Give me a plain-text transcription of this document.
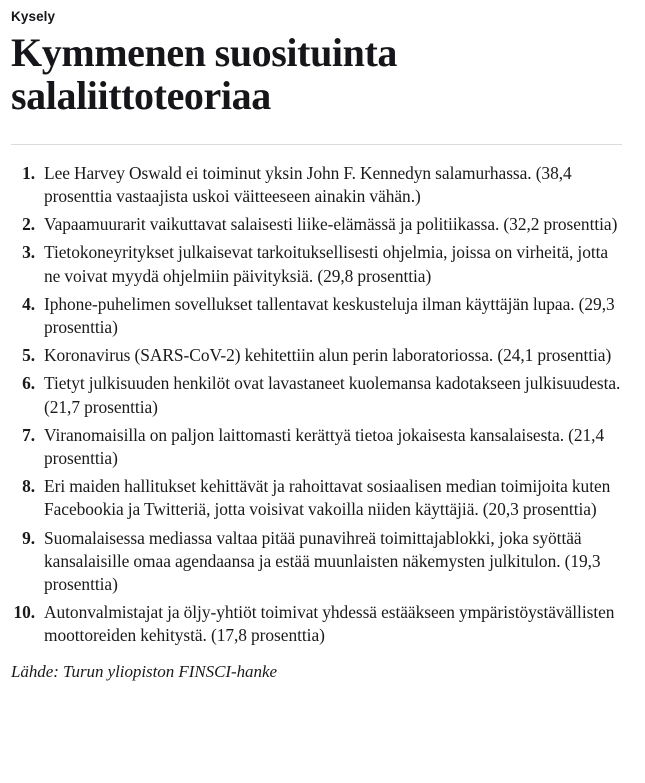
Kysely
Kymmenen suosituinta salaliittoteoriaa
1. Lee Harvey Oswald ei toiminut yksin John F. Kennedyn salamurhassa. (38,4 prosenttia vastaajista uskoi väitteeseen ainakin vähän.)
2. Vapaamuurarit vaikuttavat salaisesti liike-elämässä ja politiikassa. (32,2 prosenttia)
3. Tietokoneyritykset julkaisevat tarkoituksellisesti ohjelmia, joissa on virheitä, jotta ne voivat myydä ohjelmiin päivityksiä. (29,8 prosenttia)
4. Iphone-puhelimen sovellukset tallentavat keskusteluja ilman käyttäjän lupaa. (29,3 prosenttia)
5. Koronavirus (SARS-CoV-2) kehitettiin alun perin laboratoriossa. (24,1 prosenttia)
6. Tietyt julkisuuden henkilöt ovat lavastaneet kuolemansa kadotakseen julkisuudesta. (21,7 prosenttia)
7. Viranomaisilla on paljon laittomasti kerättyä tietoa jokaisesta kansalaisesta. (21,4 prosenttia)
8. Eri maiden hallitukset kehittävät ja rahoittavat sosiaalisen median toimijoita kuten Facebookia ja Twitteriä, jotta voisivat vakoilla niiden käyttäjiä. (20,3 prosenttia)
9. Suomalaisessa mediassa valtaa pitää punavihreä toimittajablokki, joka syöttää kansalaisille omaa agendaansa ja estää muunlaisten näkemysten julkitulon. (19,3 prosenttia)
10. Autonvalmistajat ja öljy-yhtiöt toimivat yhdessä estääkseen ympäristöystävällisten moottoreiden kehitystä. (17,8 prosenttia)
Lähde: Turun yliopiston FINSCI-hanke
